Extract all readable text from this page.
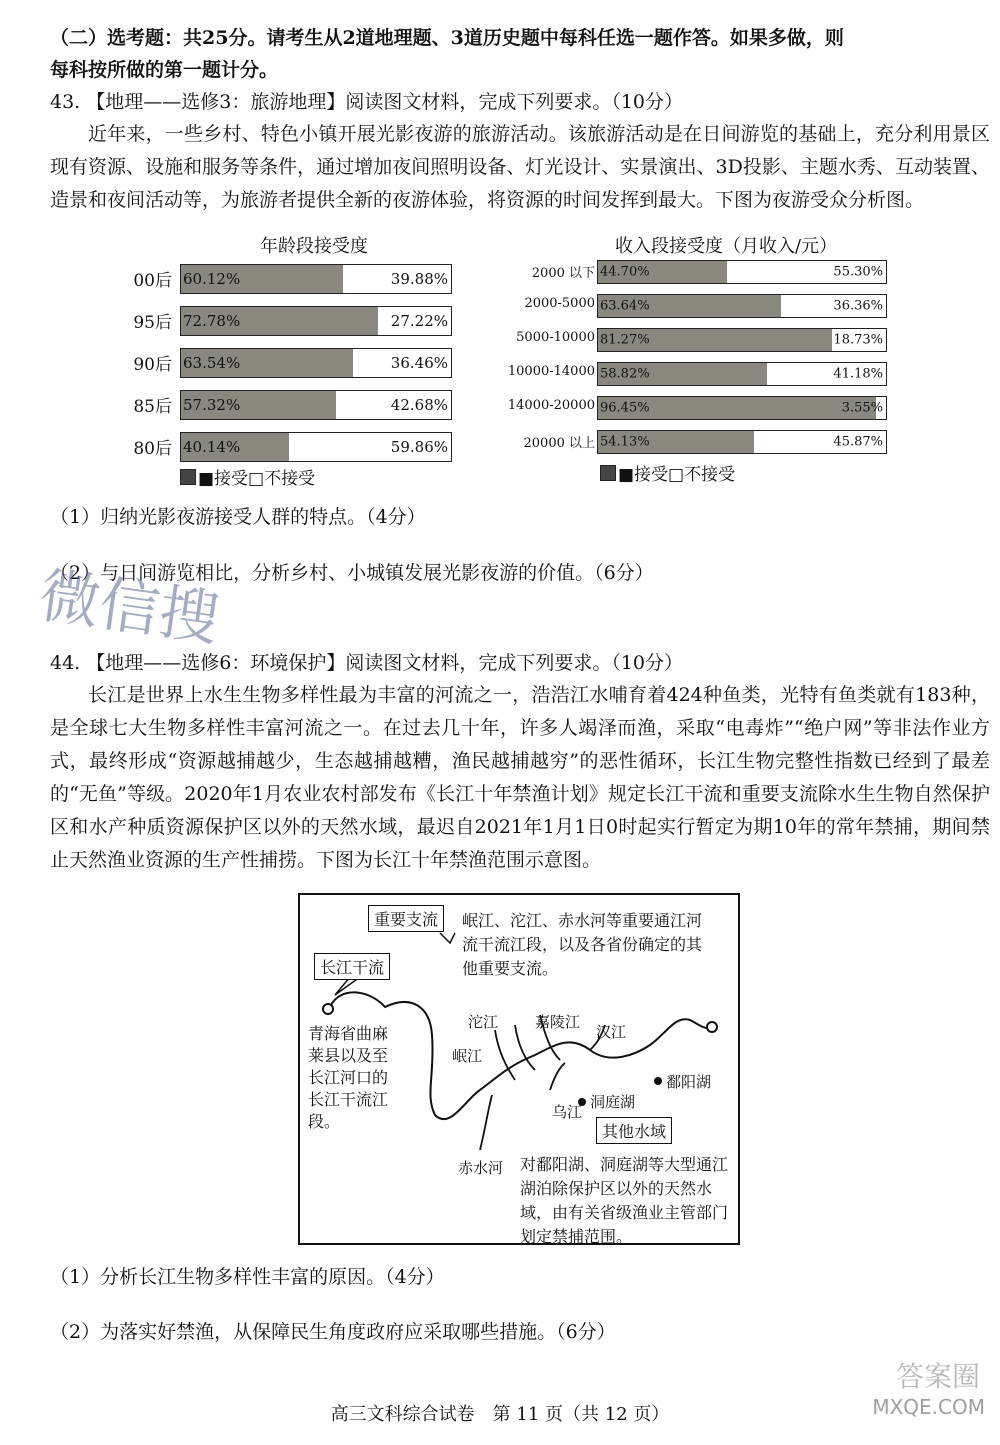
（二）选考题：共25分。请考生从2道地理题、3道历史题中每科任选一题作答。如果多做，则
每科按所做的第一题计分。
43. 【地理——选修3：旅游地理】阅读图文材料，完成下列要求。（10分）
近年来，一些乡村、特色小镇开展光影夜游的旅游活动。该旅游活动是在日间游览的基础上，充分利用景区现有资源、设施和服务等条件，通过增加夜间照明设备、灯光设计、实景演出、3D投影、主题水秀、互动装置、造景和夜间活动等，为旅游者提供全新的夜游体验，将资源的时间发挥到最大。下图为夜游受众分析图。
年龄段接受度
00后 60.12%	39.88%
95后 72.78%	27.22%
90后 63.54%	36.46%
85后 57.32%	42.68%
80后 40.14%	59.86%
■接受□不接受
收入段接受度（月收入/元）
2000 以下 44.70%	55.30%
2000-5000 63.64%	36.36%
5000-10000 81.27%	18.73%
10000-14000 58.82%	41.18%
14000-20000 96.45%	3.55%
20000 以上 54.13%	45.87%
■接受□不接受
（1）归纳光影夜游接受人群的特点。（4分）
（2）与日间游览相比，分析乡村、小城镇发展光影夜游的价值。（6分）
微信搜
44. 【地理——选修6：环境保护】阅读图文材料，完成下列要求。（10分）
长江是世界上水生生物多样性最为丰富的河流之一，浩浩江水哺育着424种鱼类，光特有鱼类就有183种，是全球七大生物多样性丰富河流之一。在过去几十年，许多人竭泽而渔，采取“电毒炸”“绝户网”等非法作业方式，最终形成“资源越捕越少，生态越捕越糟，渔民越捕越穷”的恶性循环，长江生物完整性指数已经到了最差的“无鱼”等级。2020年1月农业农村部发布《长江十年禁渔计划》规定长江干流和重要支流除水生生物自然保护区和水产种质资源保护区以外的天然水域，最迟自2021年1月1日0时起实行暂定为期10年的常年禁捕，期间禁止天然渔业资源的生产性捕捞。下图为长江十年禁渔范围示意图。
重要支流	岷江、沱江、赤水河等重要通江河流干流江段，以及各省份确定的其他重要支流。
长江干流
青海省曲麻莱县以及至长江河口的长江干流江段。
沱江 嘉陵江
汉江
岷江
洞庭湖
鄱阳湖
乌江
赤水河
其他水域
对鄱阳湖、洞庭湖等大型通江湖泊除保护区以外的天然水域，由有关省级渔业主管部门划定禁捕范围。
（1）分析长江生物多样性丰富的原因。（4分）
（2）为落实好禁渔，从保障民生角度政府应采取哪些措施。（6分）
答案圈
MXQE.COM
高三文科综合试卷　第 11 页（共 12 页）
